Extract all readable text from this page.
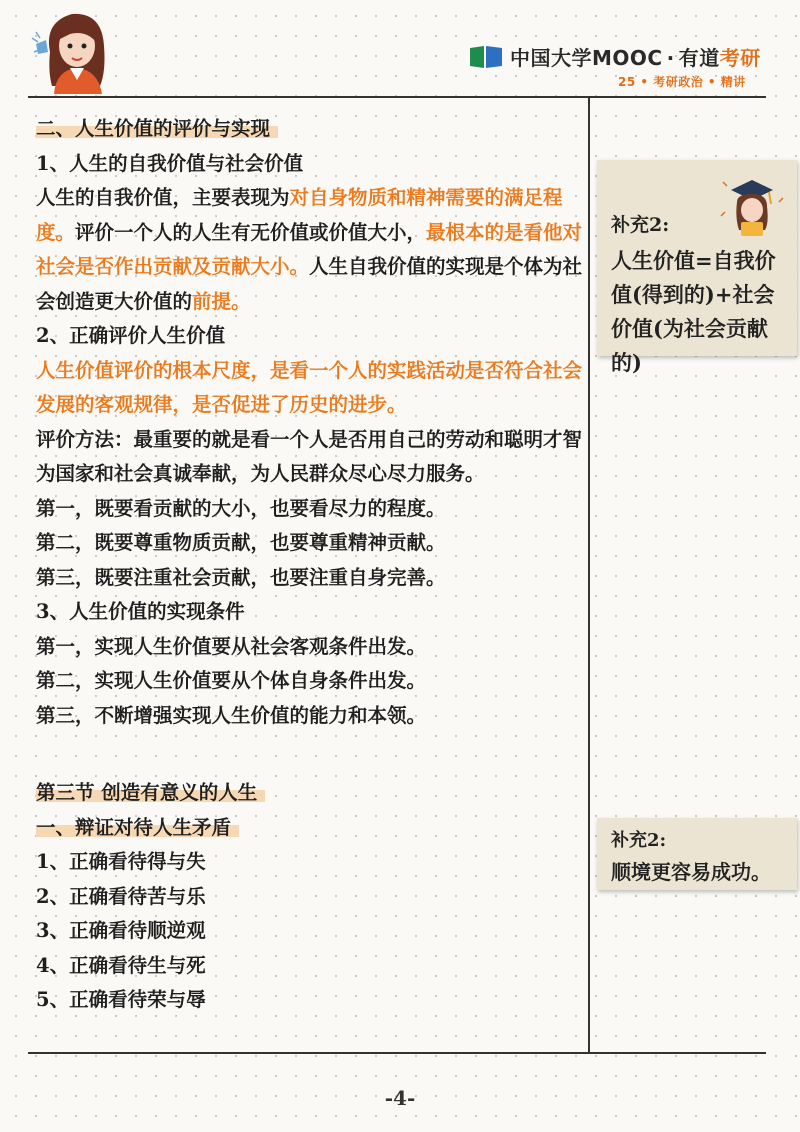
中国大学MOOC · 有道考研
25 • 考研政治 • 精讲

二、人生价值的评价与实现

1、人生的自我价值与社会价值

人生的自我价值，主要表现为对自身物质和精神需要的满足程度。评价一个人的人生有无价值或价值大小，最根本的是看他对社会是否作出贡献及贡献大小。人生自我价值的实现是个体为社会创造更大价值的前提。

2、正确评价人生价值

人生价值评价的根本尺度，是看一个人的实践活动是否符合社会发展的客观规律，是否促进了历史的进步。

评价方法：最重要的就是看一个人是否用自己的劳动和聪明才智为国家和社会真诚奉献，为人民群众尽心尽力服务。

第一，既要看贡献的大小，也要看尽力的程度。

第二，既要尊重物质贡献，也要尊重精神贡献。

第三，既要注重社会贡献，也要注重自身完善。

3、人生价值的实现条件

第一，实现人生价值要从社会客观条件出发。

第二，实现人生价值要从个体自身条件出发。

第三，不断增强实现人生价值的能力和本领。

第三节 创造有意义的人生

一、辩证对待人生矛盾

1、正确看待得与失

2、正确看待苦与乐

3、正确看待顺逆观

4、正确看待生与死

5、正确看待荣与辱

补充2:
人生价值=自我价值(得到的)+社会价值(为社会贡献的)
补充2:
顺境更容易成功。
-4-
